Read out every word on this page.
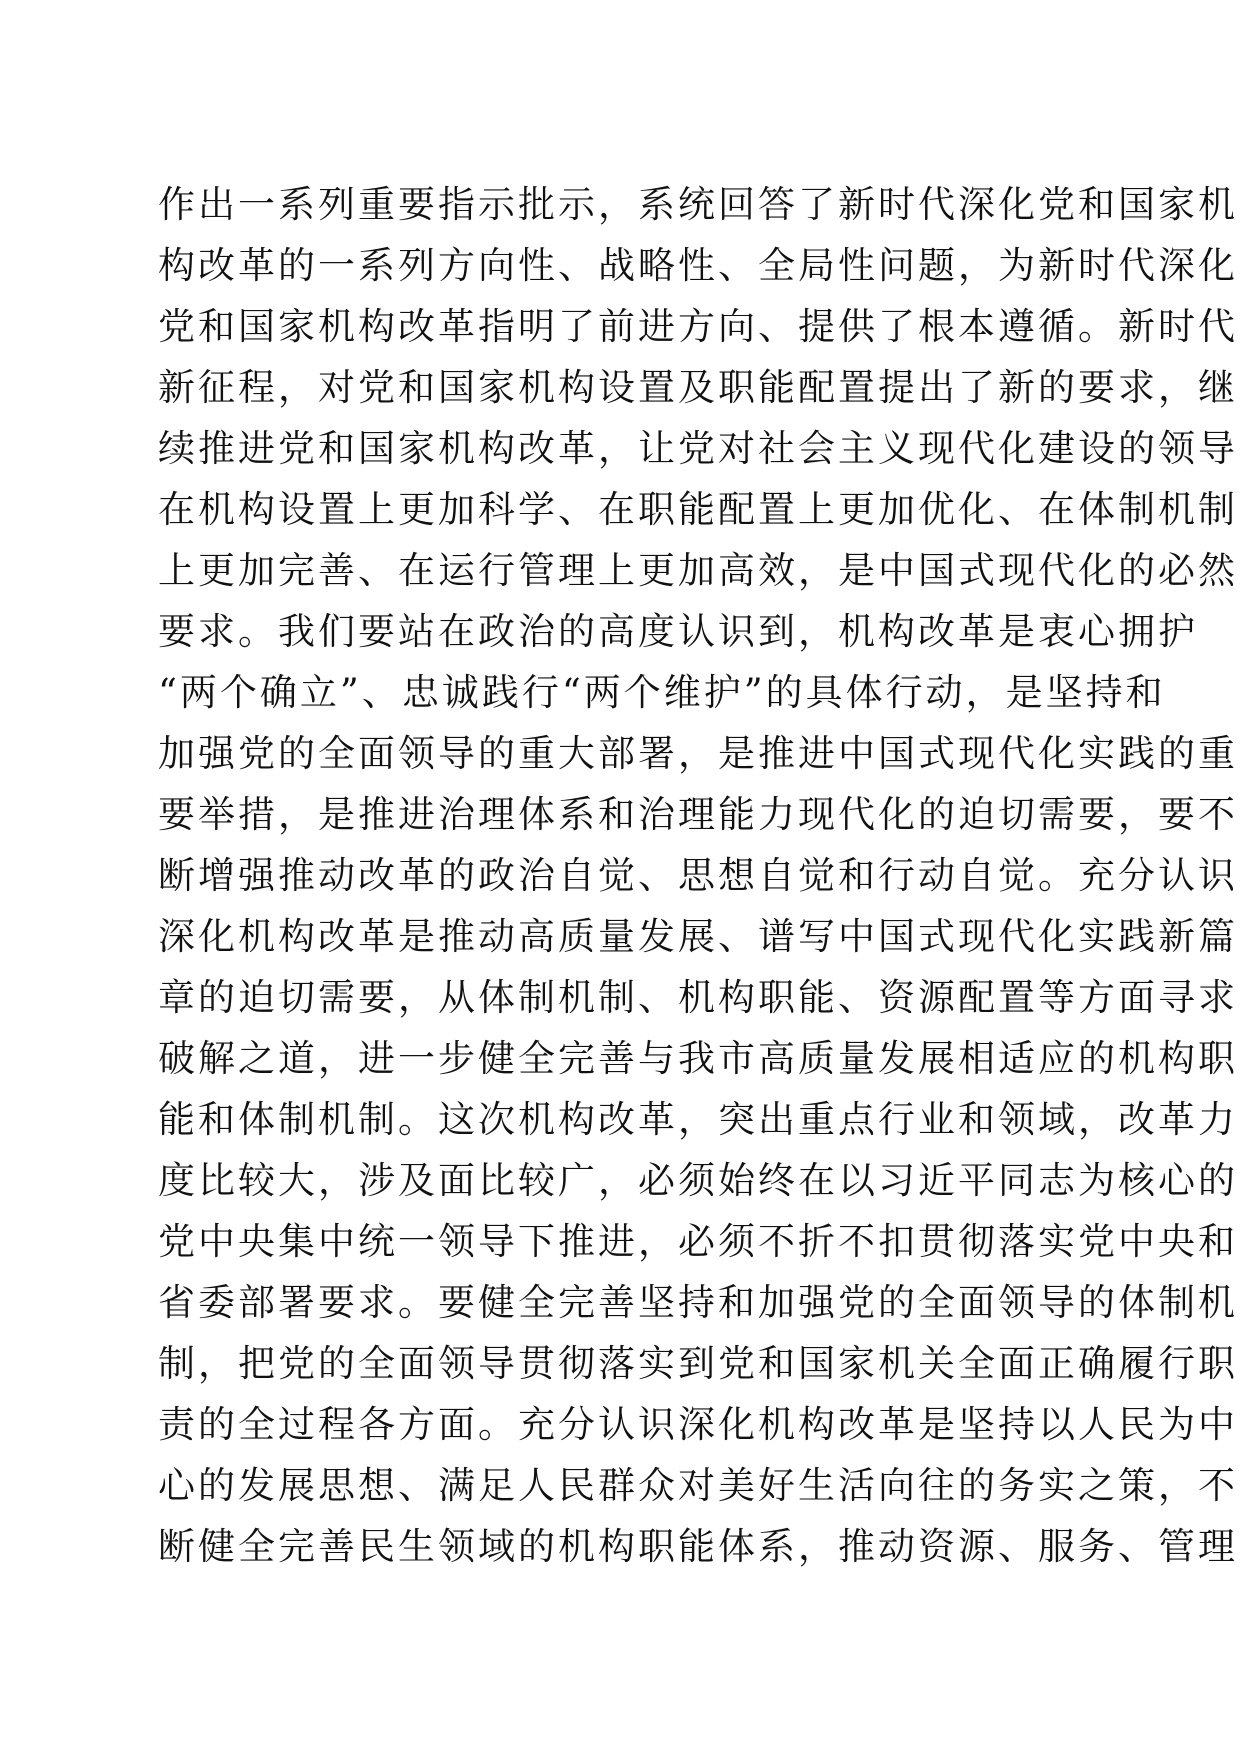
作出一系列重要指示批示，系统回答了新时代深化党和国家机
构改革的一系列方向性、战略性、全局性问题，为新时代深化
党和国家机构改革指明了前进方向、提供了根本遵循。新时代
新征程，对党和国家机构设置及职能配置提出了新的要求，继
续推进党和国家机构改革，让党对社会主义现代化建设的领导
在机构设置上更加科学、在职能配置上更加优化、在体制机制
上更加完善、在运行管理上更加高效，是中国式现代化的必然
要求。我们要站在政治的高度认识到，机构改革是衷心拥护
“两个确立”、忠诚践行“两个维护”的具体行动，是坚持和
加强党的全面领导的重大部署，是推进中国式现代化实践的重
要举措，是推进治理体系和治理能力现代化的迫切需要，要不
断增强推动改革的政治自觉、思想自觉和行动自觉。充分认识
深化机构改革是推动高质量发展、谱写中国式现代化实践新篇
章的迫切需要，从体制机制、机构职能、资源配置等方面寻求
破解之道，进一步健全完善与我市高质量发展相适应的机构职
能和体制机制。这次机构改革，突出重点行业和领域，改革力
度比较大，涉及面比较广，必须始终在以习近平同志为核心的
党中央集中统一领导下推进，必须不折不扣贯彻落实党中央和
省委部署要求。要健全完善坚持和加强党的全面领导的体制机
制，把党的全面领导贯彻落实到党和国家机关全面正确履行职
责的全过程各方面。充分认识深化机构改革是坚持以人民为中
心的发展思想、满足人民群众对美好生活向往的务实之策，不
断健全完善民生领域的机构职能体系，推动资源、服务、管理
